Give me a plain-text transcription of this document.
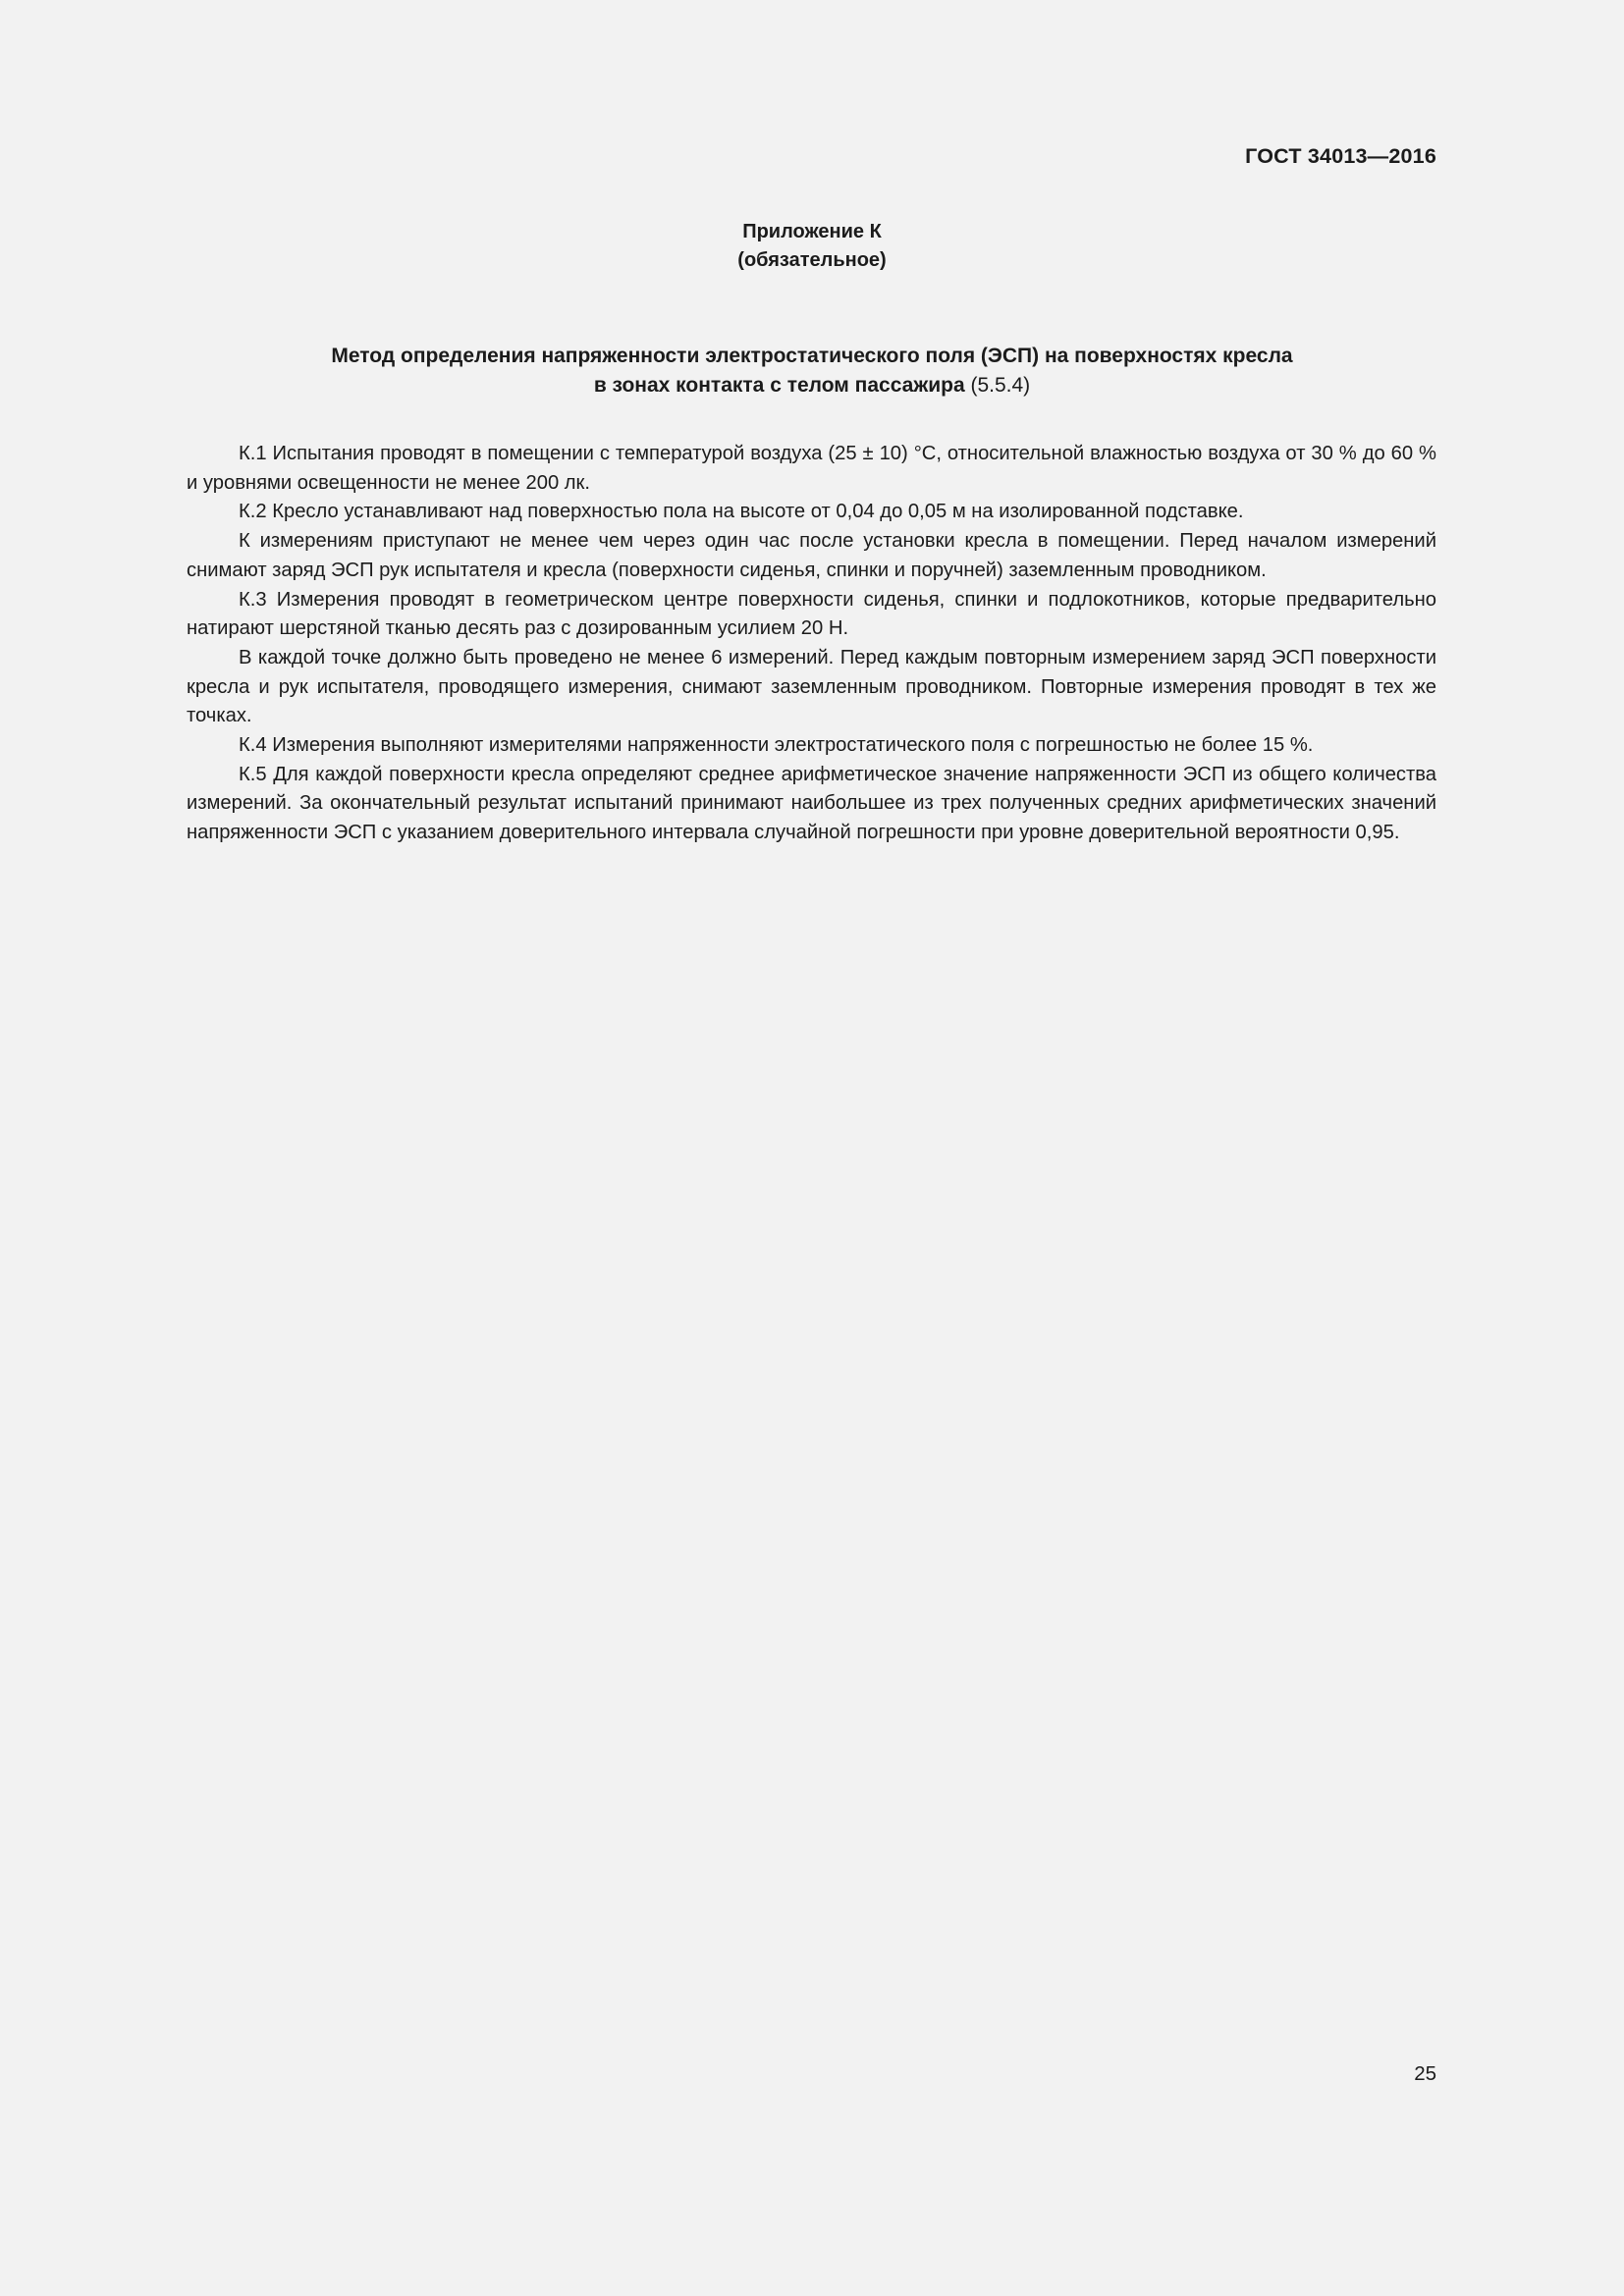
ГОСТ 34013—2016
Приложение К
(обязательное)
Метод определения напряженности электростатического поля (ЭСП) на поверхностях кресла
в зонах контакта с телом пассажира (5.5.4)

К.1 Испытания проводят в помещении с температурой воздуха (25 ± 10) °C, относительной влажностью воздуха от 30 % до 60 % и уровнями освещенности не менее 200 лк.

К.2 Кресло устанавливают над поверхностью пола на высоте от 0,04 до 0,05 м на изолированной подставке.

К измерениям приступают не менее чем через один час после установки кресла в помещении. Перед началом измерений снимают заряд ЭСП рук испытателя и кресла (поверхности сиденья, спинки и поручней) заземленным проводником.

К.3 Измерения проводят в геометрическом центре поверхности сиденья, спинки и подлокотников, которые предварительно натирают шерстяной тканью десять раз с дозированным усилием 20 Н.

В каждой точке должно быть проведено не менее 6 измерений. Перед каждым повторным измерением заряд ЭСП поверхности кресла и рук испытателя, проводящего измерения, снимают заземленным проводником. Повторные измерения проводят в тех же точках.

К.4 Измерения выполняют измерителями напряженности электростатического поля с погрешностью не более 15 %.

К.5 Для каждой поверхности кресла определяют среднее арифметическое значение напряженности ЭСП из общего количества измерений. За окончательный результат испытаний принимают наибольшее из трех полученных средних арифметических значений напряженности ЭСП с указанием доверительного интервала случайной погрешности при уровне доверительной вероятности 0,95.

25
